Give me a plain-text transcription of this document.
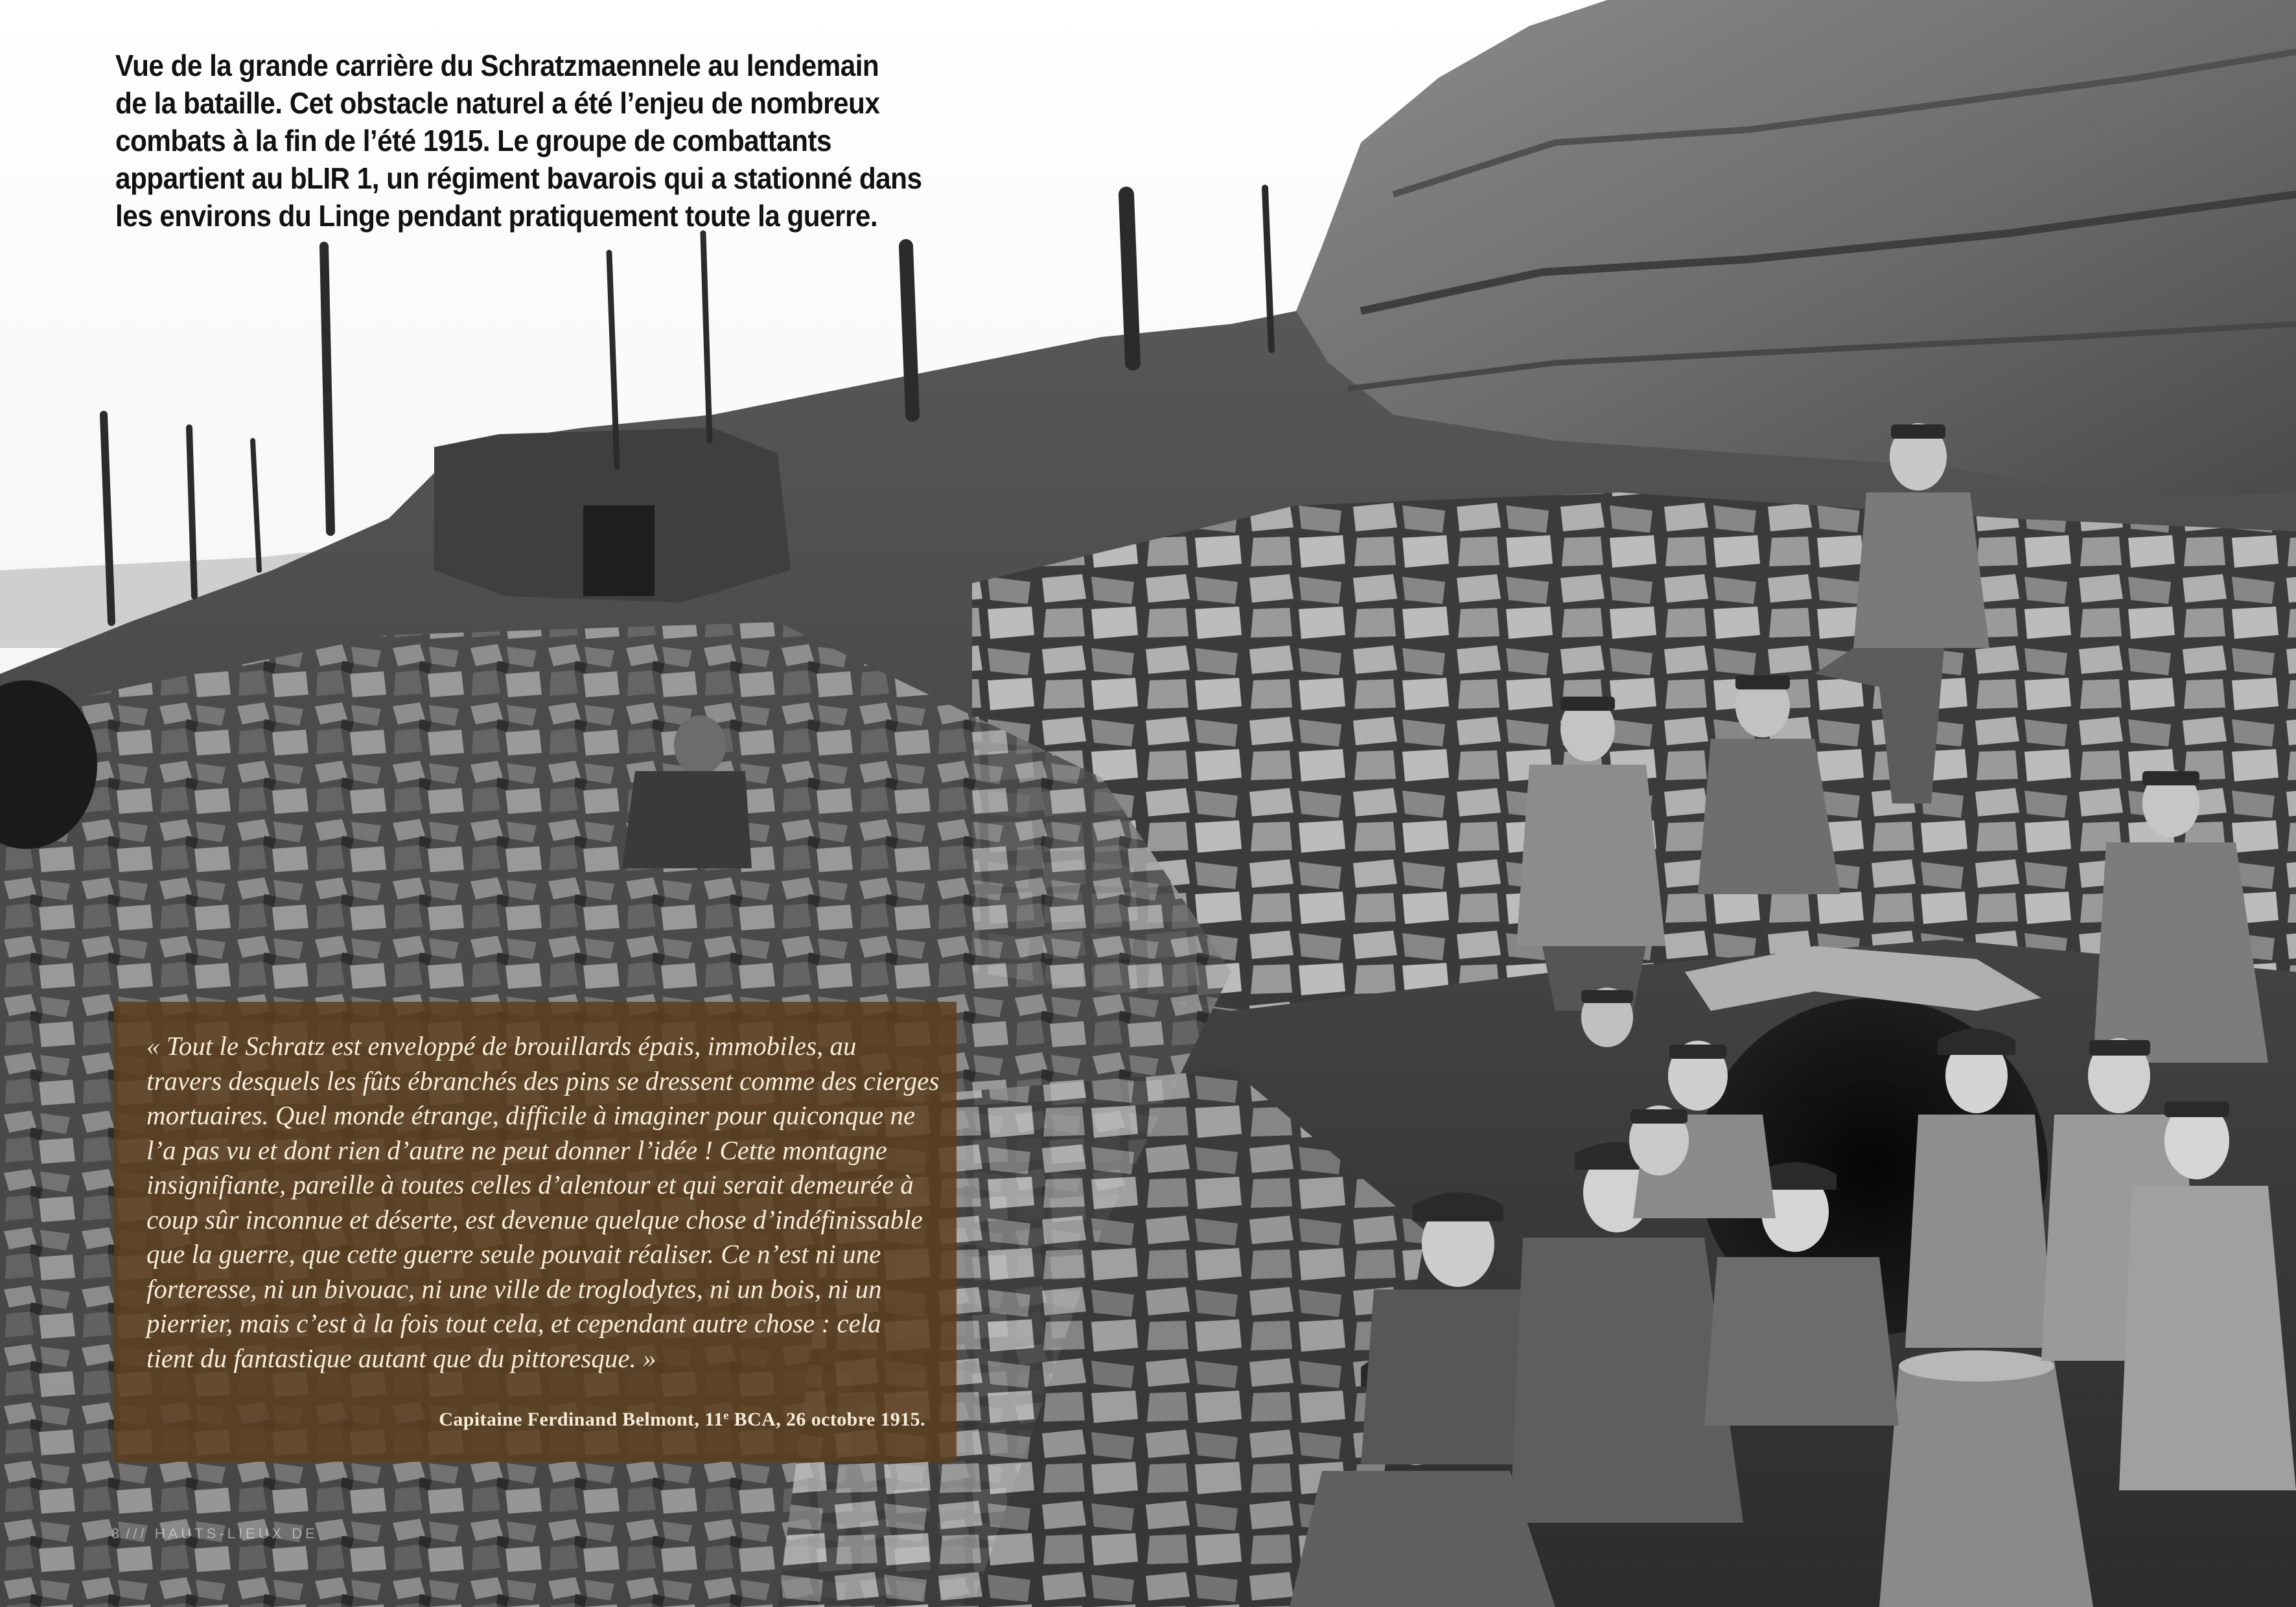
Vue de la grande carrière du Schratzmaennele au lendemain
de la bataille. Cet obstacle naturel a été l’enjeu de nombreux
combats à la fin de l’été 1915. Le groupe de combattants
appartient au bLIR 1, un régiment bavarois qui a stationné dans
les environs du Linge pendant pratiquement toute la guerre.
« Tout le Schratz est enveloppé de brouillards épais, immobiles, au
travers desquels les fûts ébranchés des pins se dressent comme des cierges
mortuaires. Quel monde étrange, difficile à imaginer pour quiconque ne
l’a pas vu et dont rien d’autre ne peut donner l’idée ! Cette montagne
insignifiante, pareille à toutes celles d’alentour et qui serait demeurée à
coup sûr inconnue et déserte, est devenue quelque chose d’indéfinissable
que la guerre, que cette guerre seule pouvait réaliser. Ce n’est ni une
forteresse, ni un bivouac, ni une ville de troglodytes, ni un bois, ni un
pierrier, mais c’est à la fois tout cela, et cependant autre chose : cela
tient du fantastique autant que du pittoresque. »
Capitaine Ferdinand Belmont, 11e BCA, 26 octobre 1915.
8 /// HAUTS-LIEUX DE
